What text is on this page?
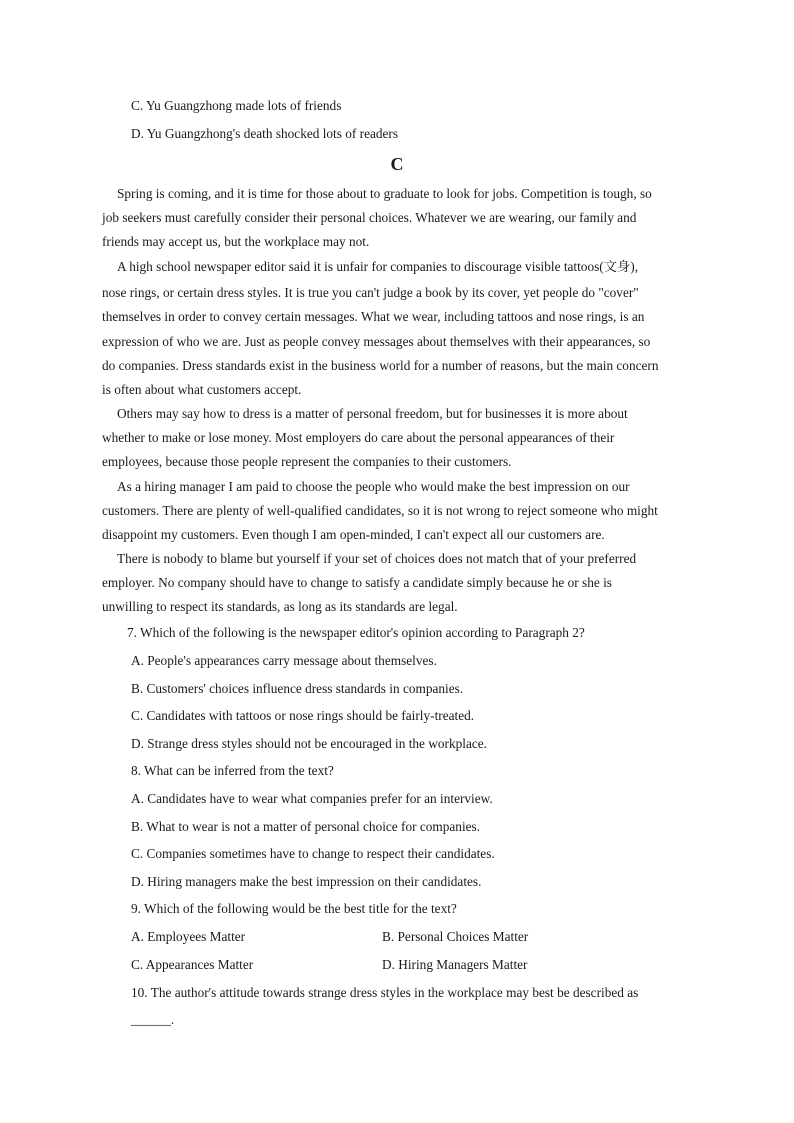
C. Yu Guangzhong made lots of friends
D. Yu Guangzhong's death shocked lots of readers
C
Spring is coming, and it is time for those about to graduate to look for jobs. Competition is tough, so
job seekers must carefully consider their personal choices. Whatever we are wearing, our family and
friends may accept us, but the workplace may not.
A high school newspaper editor said it is unfair for companies to discourage visible tattoos(文身),
nose rings, or certain dress styles. It is true you can't judge a book by its cover, yet people do "cover"
themselves in order to convey certain messages. What we wear, including tattoos and nose rings, is an
expression of who we are. Just as people convey messages about themselves with their appearances, so
do companies. Dress standards exist in the business world for a number of reasons, but the main concern
is often about what customers accept.
Others may say how to dress is a matter of personal freedom, but for businesses it is more about
whether to make or lose money. Most employers do care about the personal appearances of their
employees, because those people represent the companies to their customers.
As a hiring manager I am paid to choose the people who would make the best impression on our
customers. There are plenty of well-qualified candidates, so it is not wrong to reject someone who might
disappoint my customers. Even though I am open-minded, I can't expect all our customers are.
There is nobody to blame but yourself if your set of choices does not match that of your preferred
employer. No company should have to change to satisfy a candidate simply because he or she is
unwilling to respect its standards, as long as its standards are legal.
7. Which of the following is the newspaper editor's opinion according to Paragraph 2?
A. People's appearances carry message about themselves.
B. Customers' choices influence dress standards in companies.
C. Candidates with tattoos or nose rings should be fairly-treated.
D. Strange dress styles should not be encouraged in the workplace.
8. What can be inferred from the text?
A. Candidates have to wear what companies prefer for an interview.
B. What to wear is not a matter of personal choice for companies.
C. Companies sometimes have to change to respect their candidates.
D. Hiring managers make the best impression on their candidates.
9. Which of the following would be the best title for the text?
A. Employees Matter	B. Personal Choices Matter
C. Appearances Matter	D. Hiring Managers Matter
10. The author's attitude towards strange dress styles in the workplace may best be described as
______.
